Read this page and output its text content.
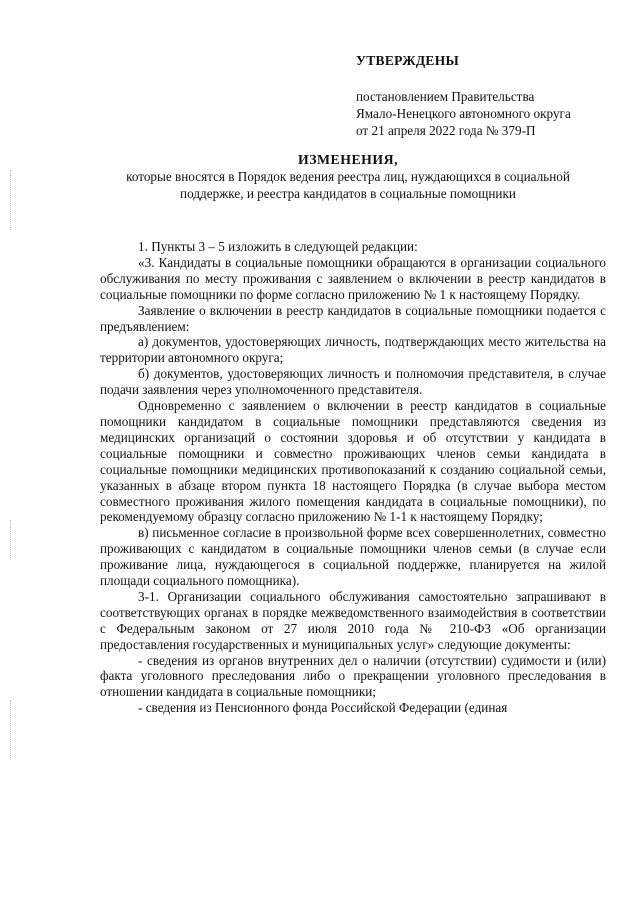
УТВЕРЖДЕНЫ
постановлением Правительства
Ямало-Ненецкого автономного округа
от 21 апреля 2022 года № 379-П
ИЗМЕНЕНИЯ,
которые вносятся в Порядок ведения реестра лиц, нуждающихся в социальной поддержке, и реестра кандидатов в социальные помощники

1. Пункты 3 – 5 изложить в следующей редакции:

«3. Кандидаты в социальные помощники обращаются в организации социального обслуживания по месту проживания с заявлением о включении в реестр кандидатов в социальные помощники по форме согласно приложению № 1 к настоящему Порядку.

Заявление о включении в реестр кандидатов в социальные помощники подается с предъявлением:

а) документов, удостоверяющих личность, подтверждающих место жительства на территории автономного округа;

б) документов, удостоверяющих личность и полномочия представителя, в случае подачи заявления через уполномоченного представителя.

Одновременно с заявлением о включении в реестр кандидатов в социальные помощники кандидатом в социальные помощники представляются сведения из медицинских организаций о состоянии здоровья и об отсутствии у кандидата в социальные помощники и совместно проживающих членов семьи кандидата в социальные помощники медицинских противопоказаний к созданию социальной семьи, указанных в абзаце втором пункта 18 настоящего Порядка (в случае выбора местом совместного проживания жилого помещения кандидата в социальные помощники), по рекомендуемому образцу согласно приложению № 1-1 к настоящему Порядку;

в) письменное согласие в произвольной форме всех совершеннолетних, совместно проживающих с кандидатом в социальные помощники членов семьи (в случае если проживание лица, нуждающегося в социальной поддержке, планируется на жилой площади социального помощника).

3-1. Организации социального обслуживания самостоятельно запрашивают в соответствующих органах в порядке межведомственного взаимодействия в соответствии с Федеральным законом от 27 июля 2010 года № 210-ФЗ «Об организации предоставления государственных и муниципальных услуг» следующие документы:

- сведения из органов внутренних дел о наличии (отсутствии) судимости и (или) факта уголовного преследования либо о прекращении уголовного преследования в отношении кандидата в социальные помощники;

- сведения из Пенсионного фонда Российской Федерации (единая
